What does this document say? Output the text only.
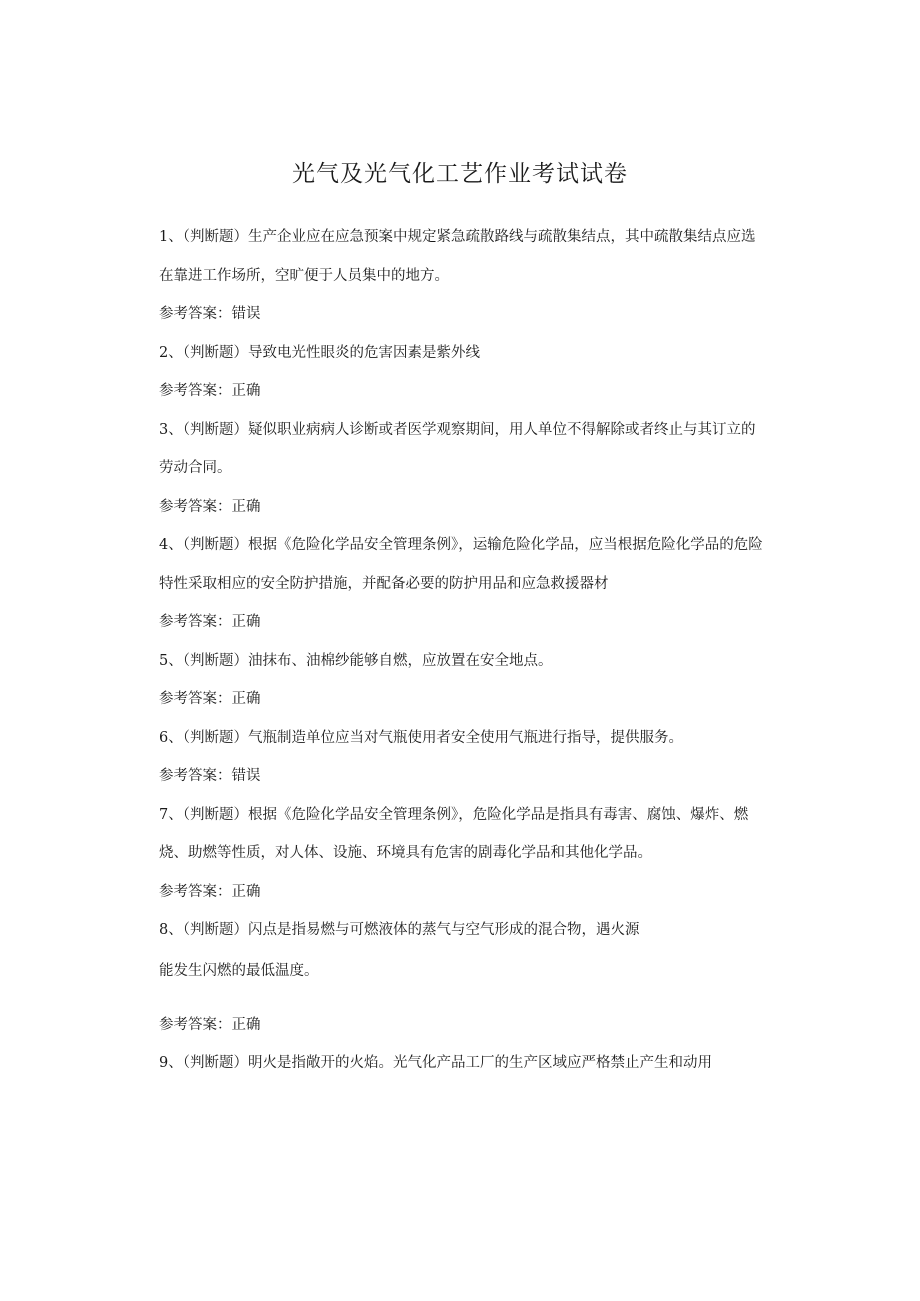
光气及光气化工艺作业考试试卷

1、（判断题）生产企业应在应急预案中规定紧急疏散路线与疏散集结点，其中疏散集结点应选在靠进工作场所，空旷便于人员集中的地方。

参考答案：错误

2、（判断题）导致电光性眼炎的危害因素是紫外线

参考答案：正确

3、（判断题）疑似职业病病人诊断或者医学观察期间，用人单位不得解除或者终止与其订立的劳动合同。

参考答案：正确

4、（判断题）根据《危险化学品安全管理条例》，运输危险化学品，应当根据危险化学品的危险特性采取相应的安全防护措施，并配备必要的防护用品和应急救援器材

参考答案：正确

5、（判断题）油抹布、油棉纱能够自燃，应放置在安全地点。

参考答案：正确

6、（判断题）气瓶制造单位应当对气瓶使用者安全使用气瓶进行指导，提供服务。

参考答案：错误

7、（判断题）根据《危险化学品安全管理条例》，危险化学品是指具有毒害、腐蚀、爆炸、燃烧、助燃等性质，对人体、设施、环境具有危害的剧毒化学品和其他化学品。

参考答案：正确

8、（判断题）闪点是指易燃与可燃液体的蒸气与空气形成的混合物，遇火源

能发生闪燃的最低温度。

参考答案：正确

9、（判断题）明火是指敞开的火焰。光气化产品工厂的生产区域应严格禁止产生和动用
